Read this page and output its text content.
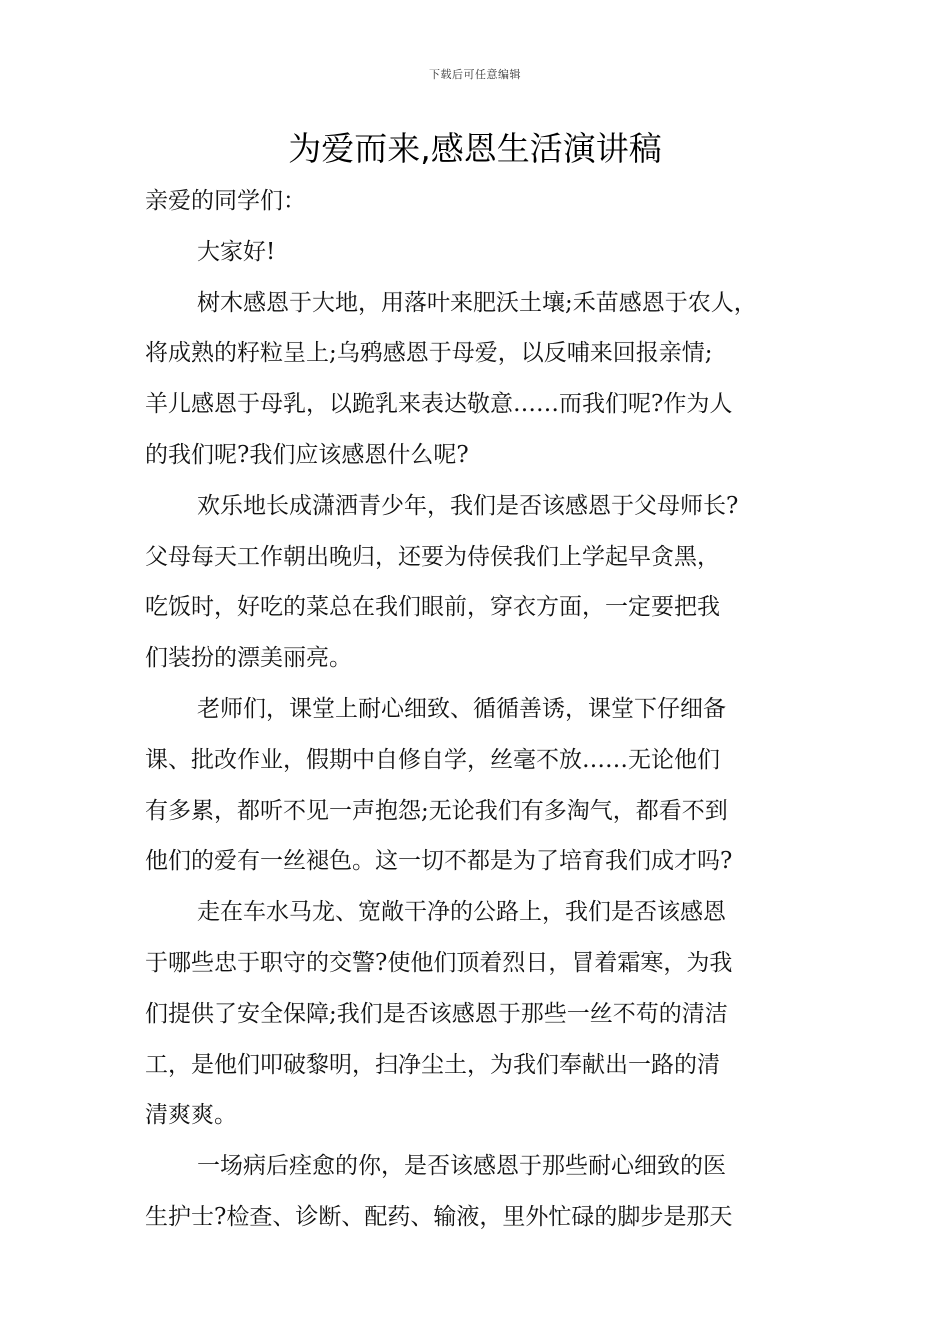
下载后可任意编辑
为爱而来,感恩生活演讲稿

亲爱的同学们：

大家好!

树木感恩于大地，用落叶来肥沃土壤;禾苗感恩于农人，

将成熟的籽粒呈上;乌鸦感恩于母爱，以反哺来回报亲情;

羊儿感恩于母乳，以跪乳来表达敬意……而我们呢?作为人

的我们呢?我们应该感恩什么呢?

欢乐地长成潇洒青少年，我们是否该感恩于父母师长?

父母每天工作朝出晚归，还要为侍侯我们上学起早贪黑，

吃饭时，好吃的菜总在我们眼前，穿衣方面，一定要把我

们装扮的漂美丽亮。

老师们，课堂上耐心细致、循循善诱，课堂下仔细备

课、批改作业，假期中自修自学，丝毫不放……无论他们

有多累，都听不见一声抱怨;无论我们有多淘气，都看不到

他们的爱有一丝褪色。这一切不都是为了培育我们成才吗?

走在车水马龙、宽敞干净的公路上，我们是否该感恩

于哪些忠于职守的交警?使他们顶着烈日，冒着霜寒，为我

们提供了安全保障;我们是否该感恩于那些一丝不苟的清洁

工，是他们叩破黎明，扫净尘土，为我们奉献出一路的清

清爽爽。

一场病后痊愈的你，是否该感恩于那些耐心细致的医

生护士?检查、诊断、配药、输液，里外忙碌的脚步是那天
